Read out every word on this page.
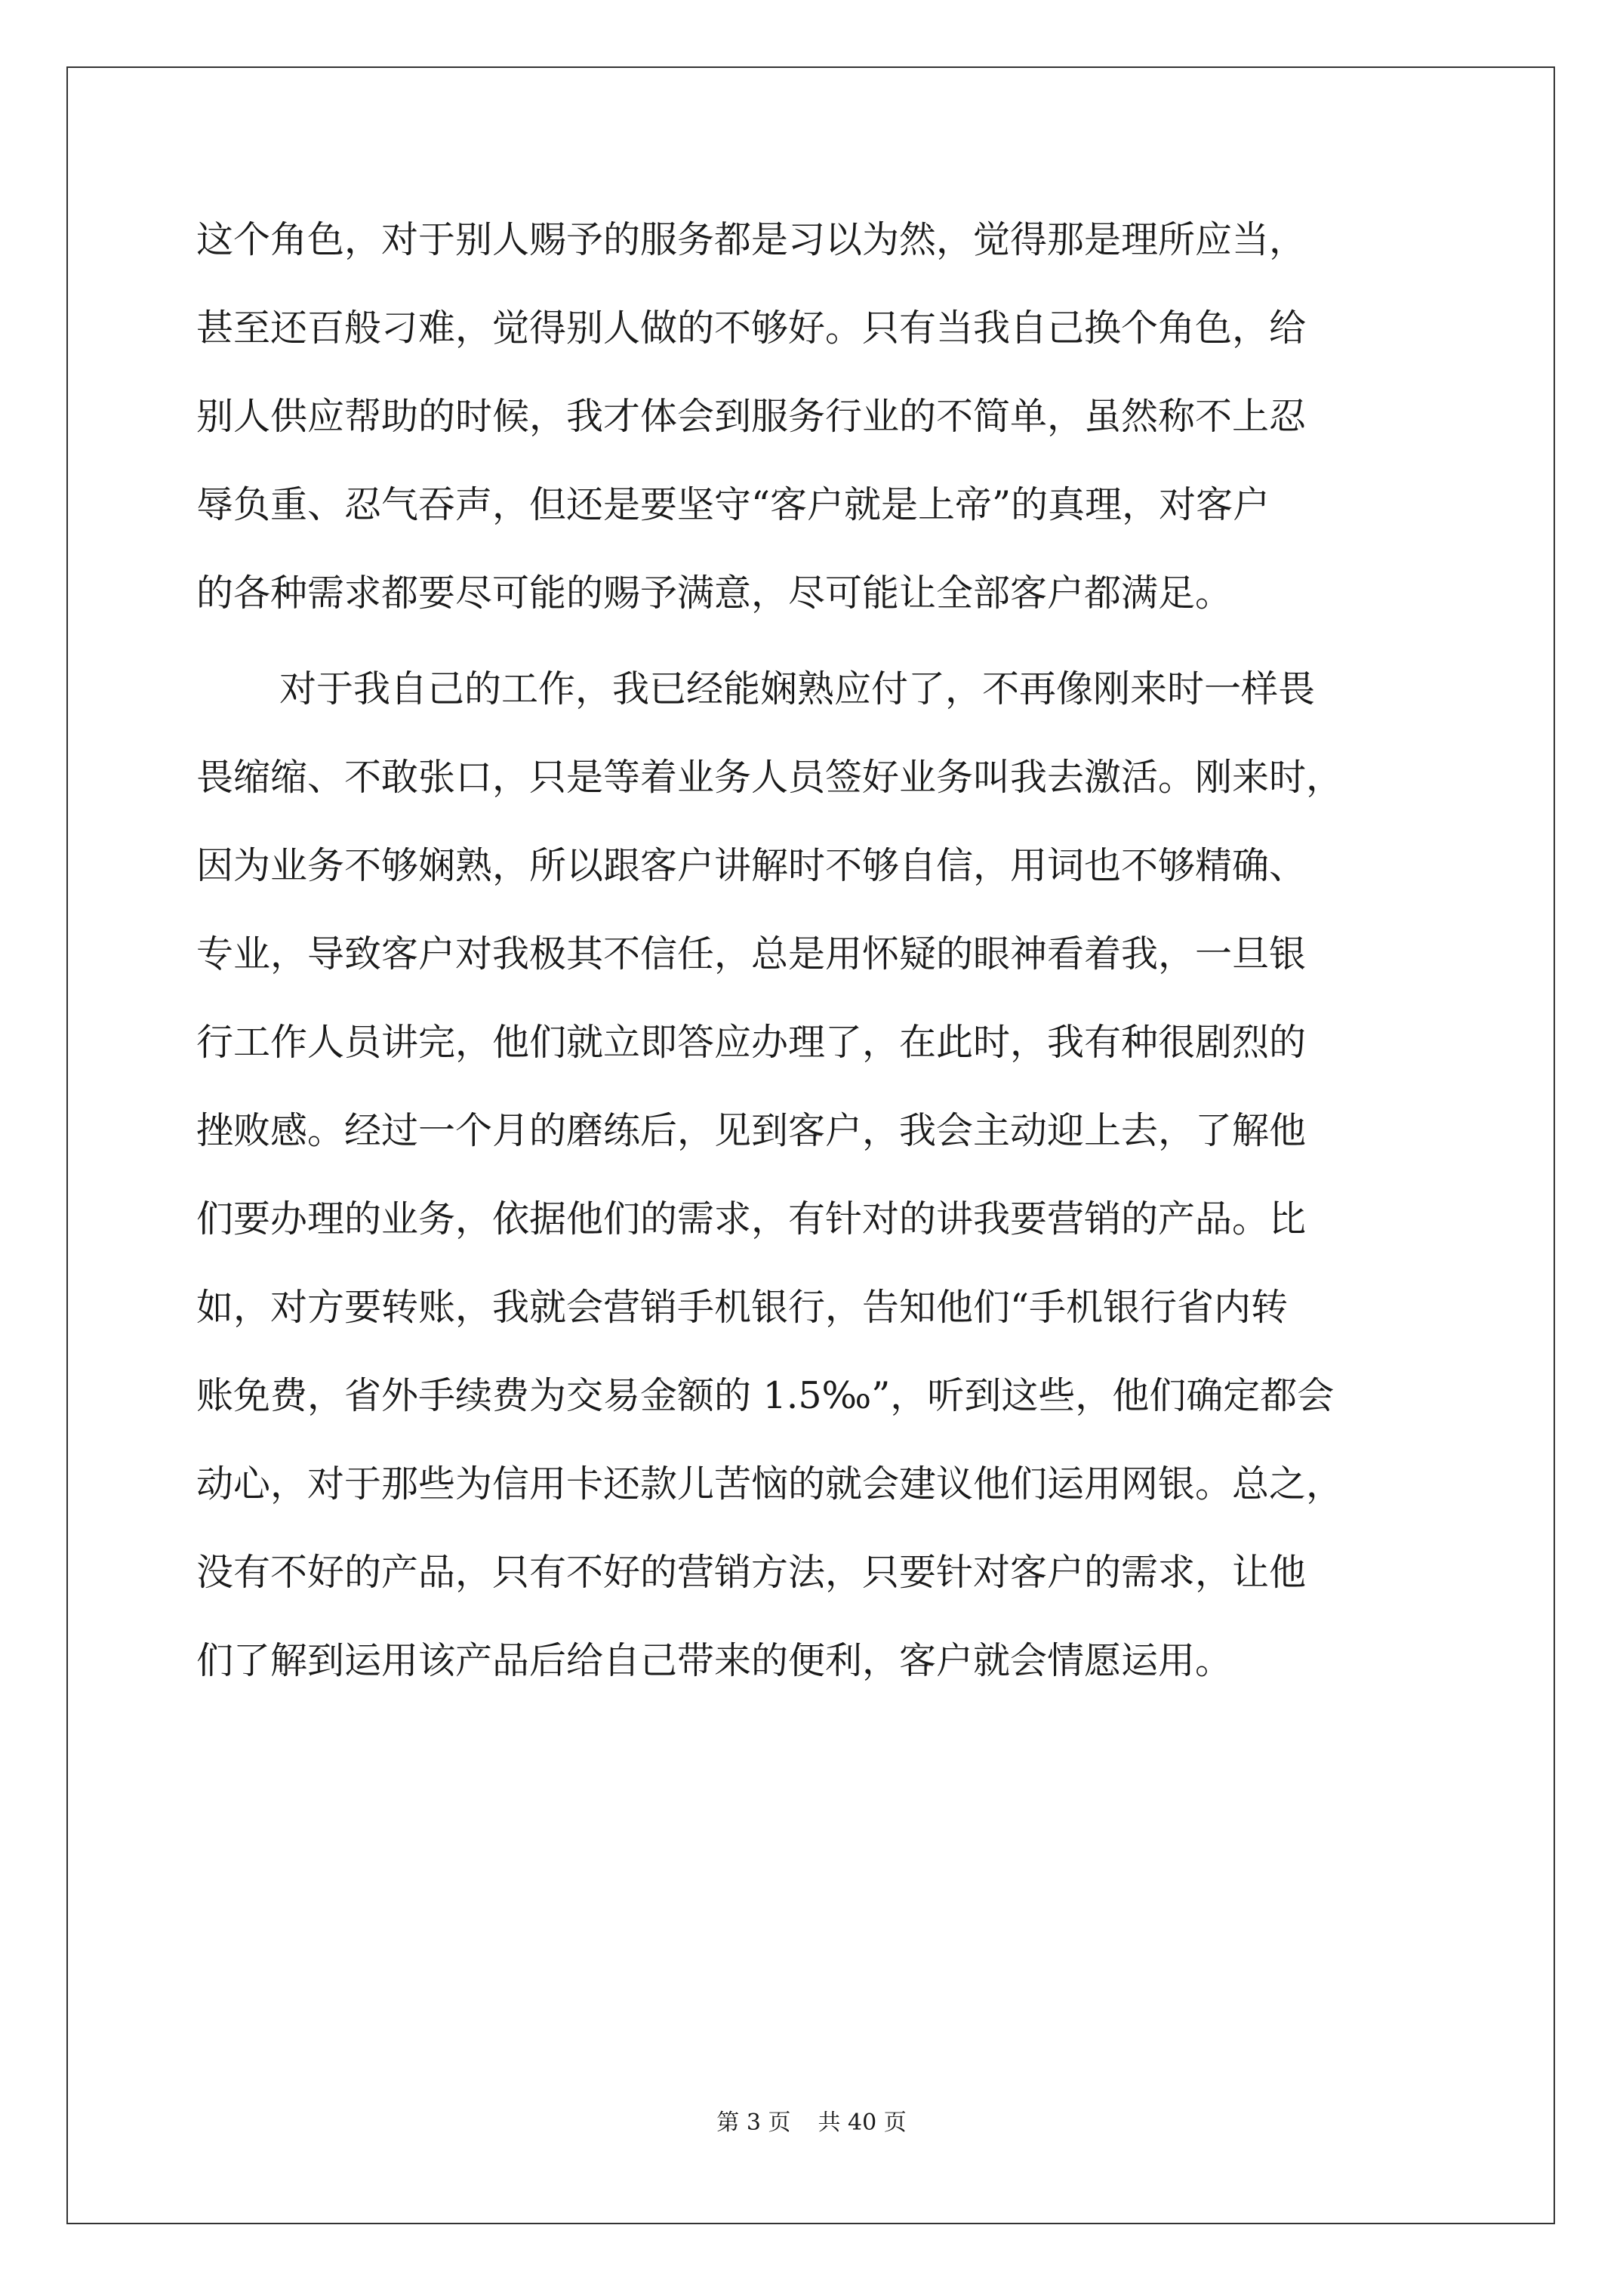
这个角色，对于别人赐予的服务都是习以为然，觉得那是理所应当，
甚至还百般刁难，觉得别人做的不够好。只有当我自己换个角色，给
别人供应帮助的时候，我才体会到服务行业的不简单，虽然称不上忍
辱负重、忍气吞声，但还是要坚守“客户就是上帝”的真理，对客户
的各种需求都要尽可能的赐予满意，尽可能让全部客户都满足。
对于我自己的工作，我已经能娴熟应付了，不再像刚来时一样畏
畏缩缩、不敢张口，只是等着业务人员签好业务叫我去激活。刚来时，
因为业务不够娴熟，所以跟客户讲解时不够自信，用词也不够精确、
专业，导致客户对我极其不信任，总是用怀疑的眼神看着我，一旦银
行工作人员讲完，他们就立即答应办理了，在此时，我有种很剧烈的
挫败感。经过一个月的磨练后，见到客户，我会主动迎上去，了解他
们要办理的业务，依据他们的需求，有针对的讲我要营销的产品。比
如，对方要转账，我就会营销手机银行，告知他们“手机银行省内转
账免费，省外手续费为交易金额的 1.5‰”，听到这些，他们确定都会
动心，对于那些为信用卡还款儿苦恼的就会建议他们运用网银。总之，
没有不好的产品，只有不好的营销方法，只要针对客户的需求，让他
们了解到运用该产品后给自己带来的便利，客户就会情愿运用。
第 3 页 共 40 页
